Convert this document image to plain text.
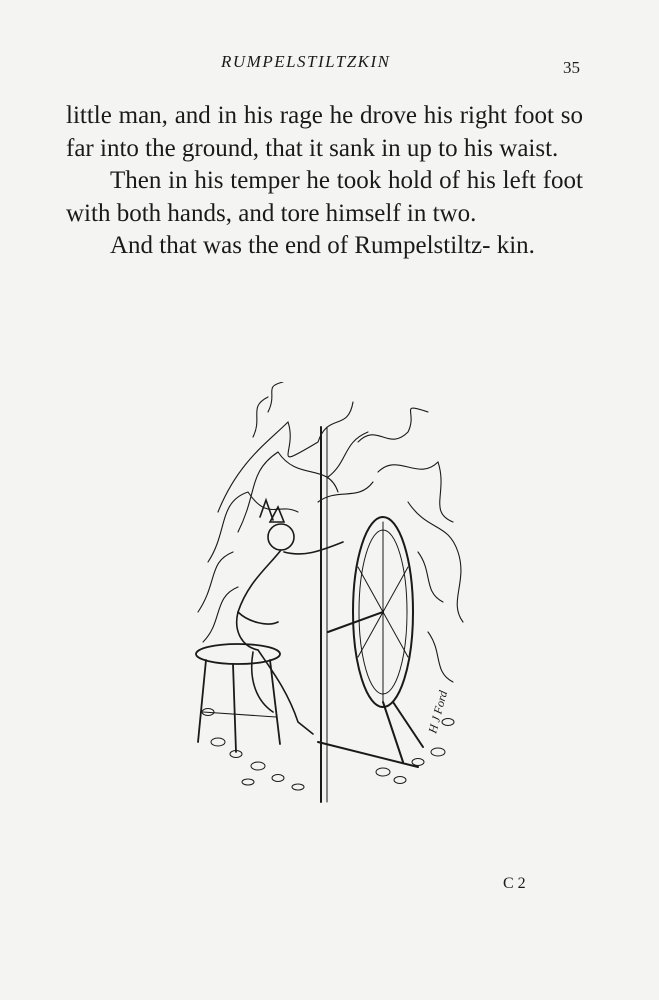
RUMPELSTILTZKIN	35

little man, and in his rage he drove his right foot so far into the ground, that it sank in up to his waist.

Then in his temper he took hold of his left foot with both hands, and tore himself in two.

And that was the end of Rumpelstiltz- kin.

H J Ford
C 2
